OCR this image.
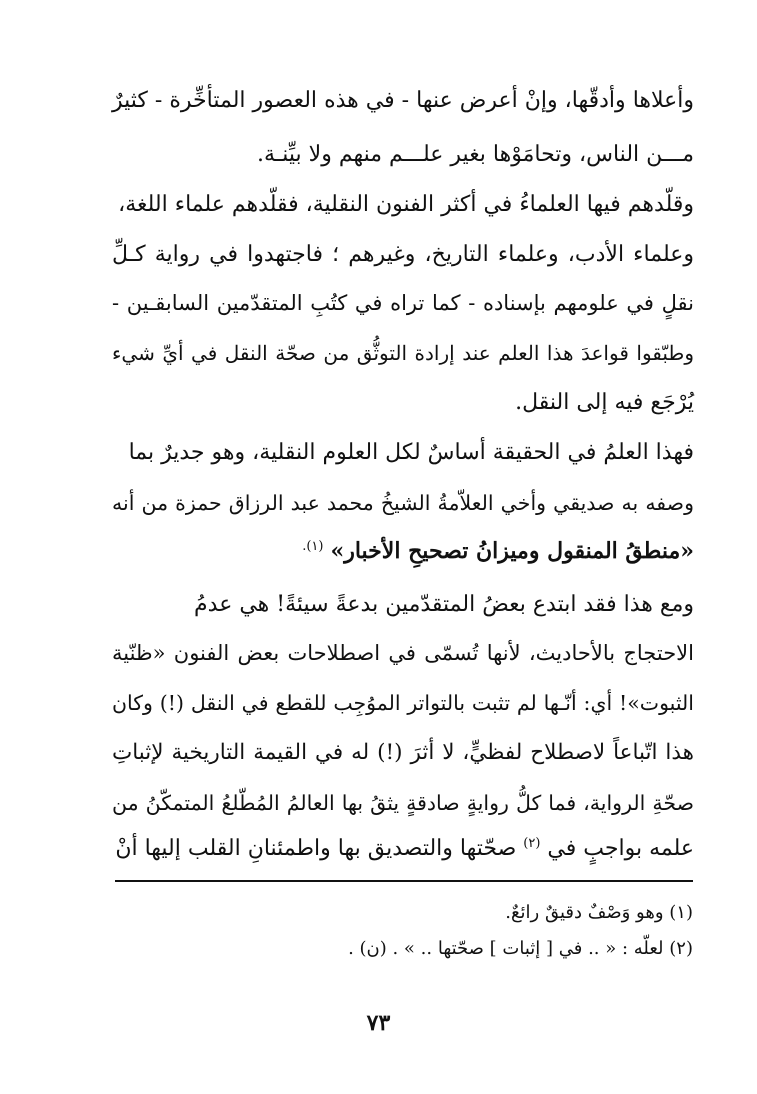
وأعلاها وأدقّها، وإنْ أعرض عنها - في هذه العصور المتأخِّرة - كثيرٌ
مـــن الناس، وتحامَوْها بغير علـــم منهم ولا بيِّنـة.
وقلّدهم فيها العلماءُ في أكثر الفنون النقلية، فقلّدهم علماء اللغة،
وعلماء الأدب، وعلماء التاريخ، وغيرهم ؛ فاجتهدوا في رواية كـلِّ
نقلٍ في علومهم بإسناده - كما تراه في كتُبِ المتقدّمين السابقـين -
وطبّقوا قواعدَ هذا العلم عند إرادة التوثُّق من صحّة النقل في أيِّ شيء
يُرْجَع فيه إلى النقل.
فهذا العلمُ في الحقيقة أساسٌ لكل العلوم النقلية، وهو جديرٌ بما
وصفه به صديقي وأخي العلاّمةُ الشيخُ محمد عبد الرزاق حمزة من أنه
«منطقُ المنقول وميزانُ تصحيحِ الأخبار» $^{(١).}$
ومع هذا فقد ابتدع بعضُ المتقدّمين بدعةً سيئةً! هي عدمُ
الاحتجاج بالأحاديث، لأنها تُسمّى في اصطلاحات بعض الفنون «ظنّية
الثبوت»! أي: أنّـها لم تثبت بالتواتر الموُجِب للقطع في النقل (!) وكان
هذا اتّباعاً لاصطلاح لفظيٍّ، لا أثرَ (!) له في القيمة التاريخية لإثباتِ
صحّةِ الرواية، فما كلُّ روايةٍ صادقةٍ يثقُ بها العالمُ المُطّلعُ المتمكّنُ من
علمه بواجبٍ في $^{(٢)}$ صحّتها والتصديق بها واطمئنانِ القلب إليها أنْ
(١) وهو وَصْفٌ دقيقٌ رائعٌ.
(٢) لعلّه : « .. في [ إثبات ] صحّتها .. » . (ن) .
٧٣
